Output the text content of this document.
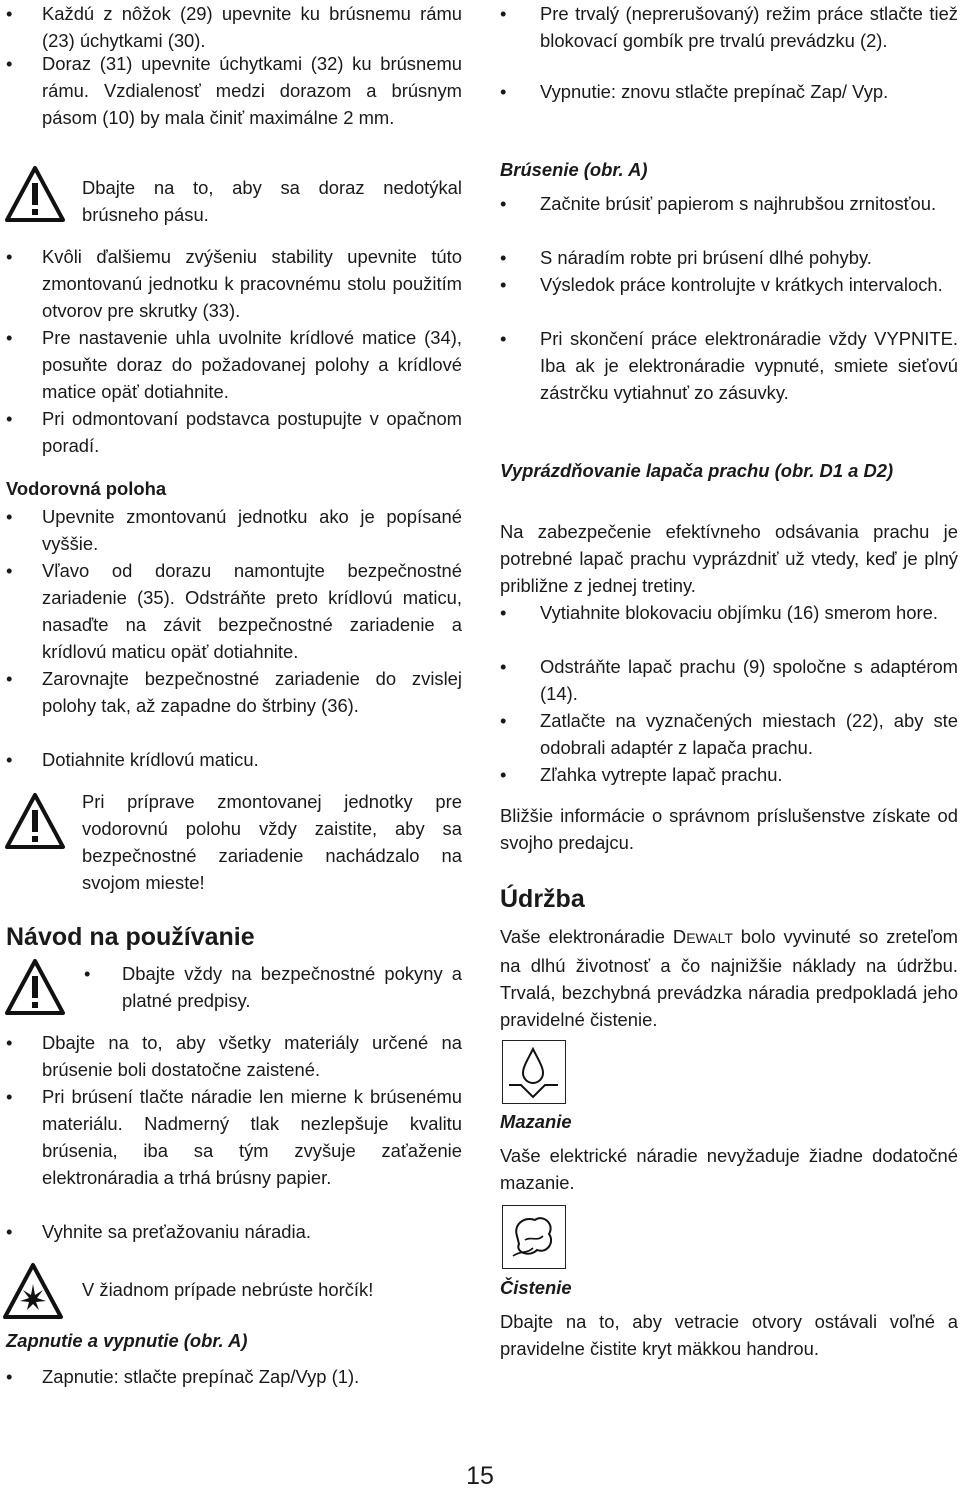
• Každú z nôžok (29) upevnite ku brúsnemu rámu (23) úchytkami (30).
• Doraz (31) upevnite úchytkami (32) ku brúsnemu rámu. Vzdialenosť medzi dorazom a brúsnym pásom (10) by mala činiť maximálne 2 mm.

Dbajte na to, aby sa doraz nedotýkal brúsneho pásu.

• Kvôli ďalšiemu zvýšeniu stability upevnite túto zmontovanú jednotku k pracovnému stolu použitím otvorov pre skrutky (33).
• Pre nastavenie uhla uvolnite krídlové matice (34), posuňte doraz do požadovanej polohy a krídlové matice opäť dotiahnite.
• Pri odmontovaní podstavca postupujte v opačnom poradí.
Vodorovná poloha
• Upevnite zmontovanú jednotku ako je popísané vyššie.
• Vľavo od dorazu namontujte bezpečnostné zariadenie (35). Odstráňte preto krídlovú maticu, nasaďte na závit bezpečnostné zariadenie a krídlovú maticu opäť dotiahnite.
• Zarovnajte bezpečnostné zariadenie do zvislej polohy tak, až zapadne do štrbiny (36).
• Dotiahnite krídlovú maticu.

Pri príprave zmontovanej jednotky pre vodorovnú polohu vždy zaistite, aby sa bezpečnostné zariadenie nachádzalo na svojom mieste!

Návod na používanie
• Dbajte vždy na bezpečnostné pokyny a platné predpisy.
• Dbajte na to, aby všetky materiály určené na brúsenie boli dostatočne zaistené.
• Pri brúsení tlačte náradie len mierne k brúsenému materiálu. Nadmerný tlak nezlepšuje kvalitu brúsenia, iba sa tým zvyšuje zaťaženie elektronáradia a trhá brúsny papier.
• Vyhnite sa preťažovaniu náradia.

V žiadnom prípade nebrúste horčík!

Zapnutie a vypnutie (obr. A)
• Zapnutie: stlačte prepínač Zap/Vyp (1).
• Pre trvalý (neprerušovaný) režim práce stlačte tiež blokovací gombík pre trvalú prevádzku (2).
• Vypnutie: znovu stlačte prepínač Zap/ Vyp.
Brúsenie (obr. A)
• Začnite brúsiť papierom s najhrubšou zrnitosťou.
• S náradím robte pri brúsení dlhé pohyby.
• Výsledok práce kontrolujte v krátkych intervaloch.
• Pri skončení práce elektronáradie vždy VYPNITE. Iba ak je elektronáradie vypnuté, smiete sieťovú zástrčku vytiahnuť zo zásuvky.
Vyprázdňovanie lapača prachu (obr. D1 a D2)

Na zabezpečenie efektívneho odsávania prachu je potrebné lapač prachu vyprázdniť už vtedy, keď je plný približne z jednej tretiny.

• Vytiahnite blokovaciu objímku (16) smerom hore.
• Odstráňte lapač prachu (9) spoločne s adaptérom (14).
• Zatlačte na vyznačených miestach (22), aby ste odobrali adaptér z lapača prachu.
• Zľahka vytrepte lapač prachu.

Bližšie informácie o správnom príslušenstve získate od svojho predajcu.

Údržba

Vaše elektronáradie DEWALT bolo vyvinuté so zreteľom na dlhú životnosť a čo najnižšie náklady na údržbu. Trvalá, bezchybná prevádzka náradia predpokladá jeho pravidelné čistenie.

Mazanie

Vaše elektrické náradie nevyžaduje žiadne dodatočné mazanie.

Čistenie

Dbajte na to, aby vetracie otvory ostávali voľné a pravidelne čistite kryt mäkkou handrou.

15
